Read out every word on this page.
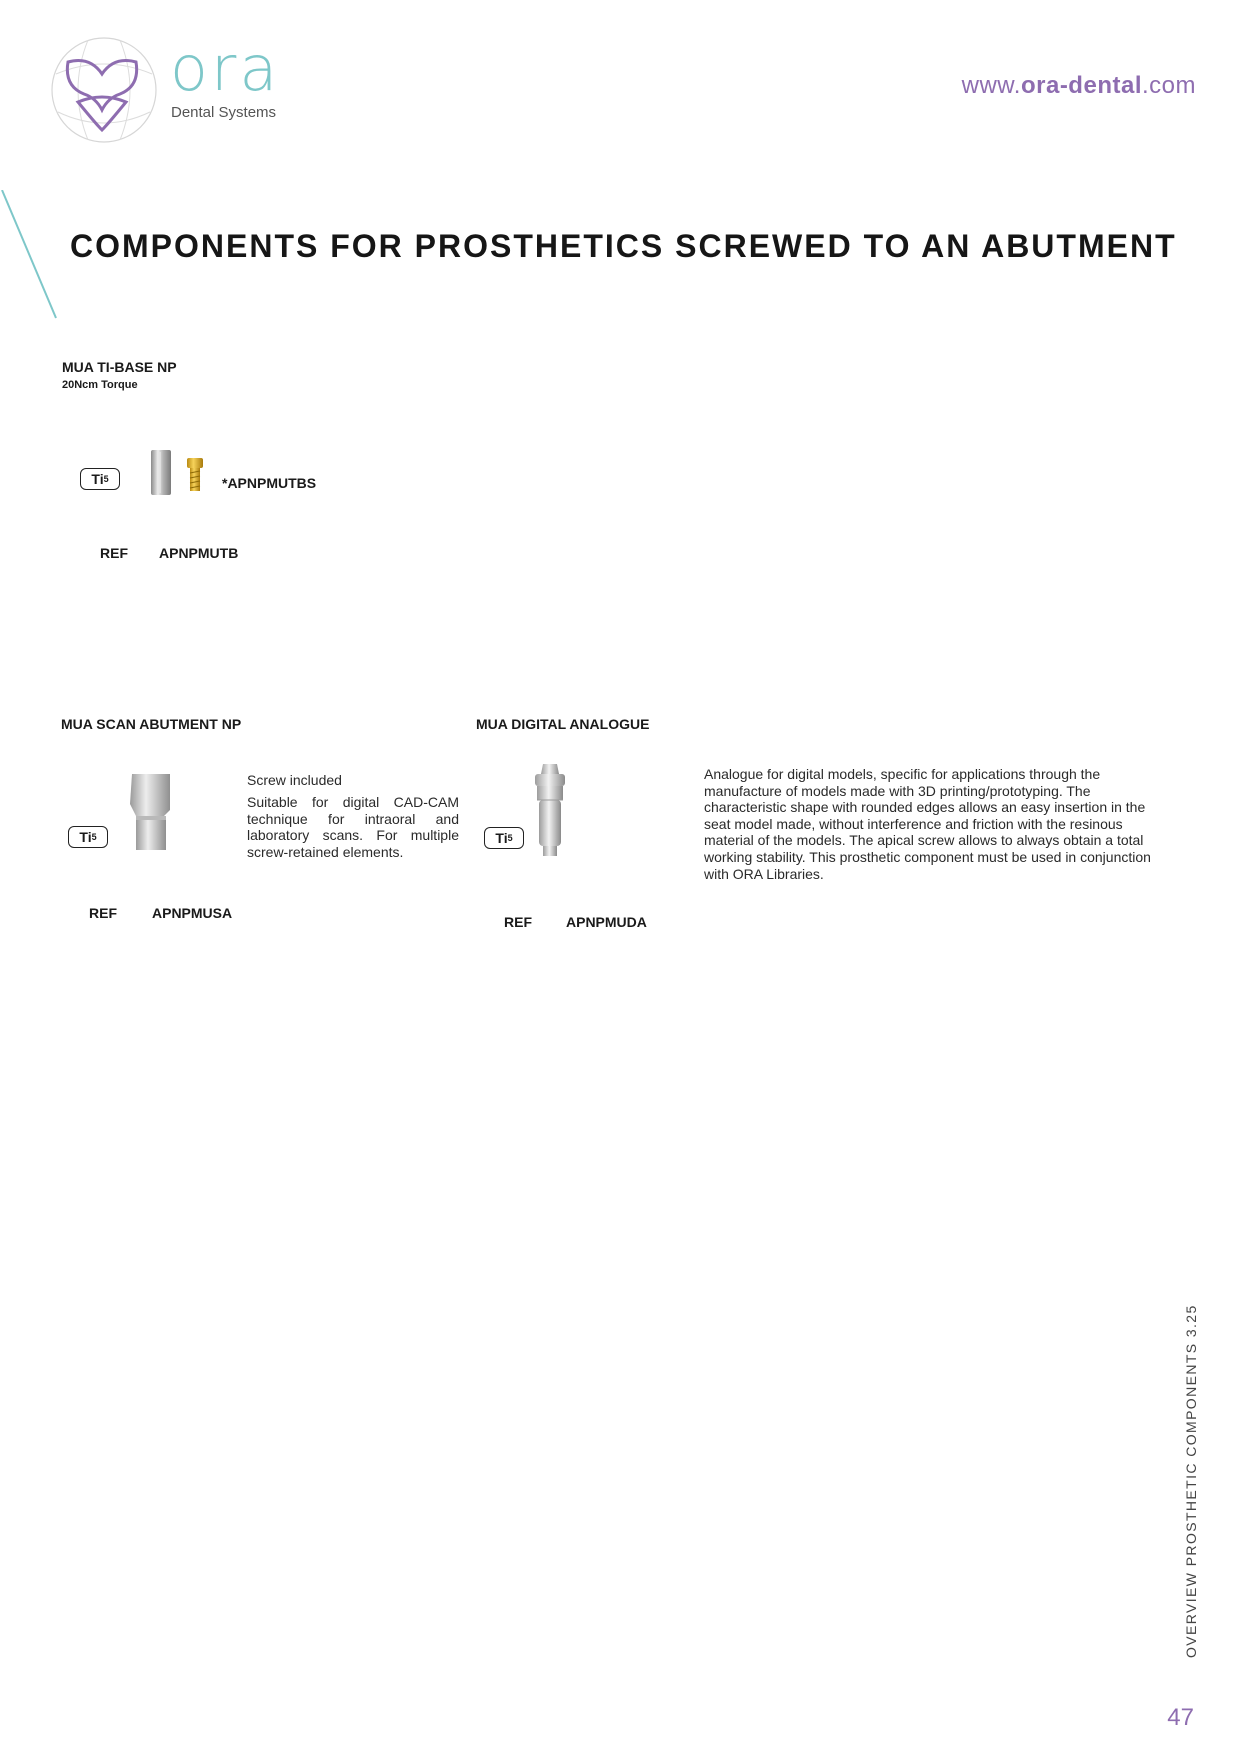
ora
Dental Systems
www.ora-dental.com
COMPONENTS FOR PROSTHETICS SCREWED TO AN ABUTMENT
MUA TI-BASE NP
20Ncm Torque
Ti 5	*APNPMUTBS
REF APNPMUTB
MUA SCAN ABUTMENT NP
Ti 5
Screw included
Suitable for digital CAD-CAM technique for intraoral and laboratory scans. For multiple screw-retained elements.
REF	APNPMUSA
MUA DIGITAL ANALOGUE
Ti 5
Analogue for digital models, specific for applications through the manufacture of models made with 3D printing/prototyping. The characteristic shape with rounded edges allows an easy insertion in the seat model made, without interference and friction with the resinous material of the models. The apical screw allows to always obtain a total working stability. This prosthetic component must be used in conjunction with ORA Libraries.
REF APNPMUDA
OVERVIEW PROSTHETIC COMPONENTS 3.25
47
